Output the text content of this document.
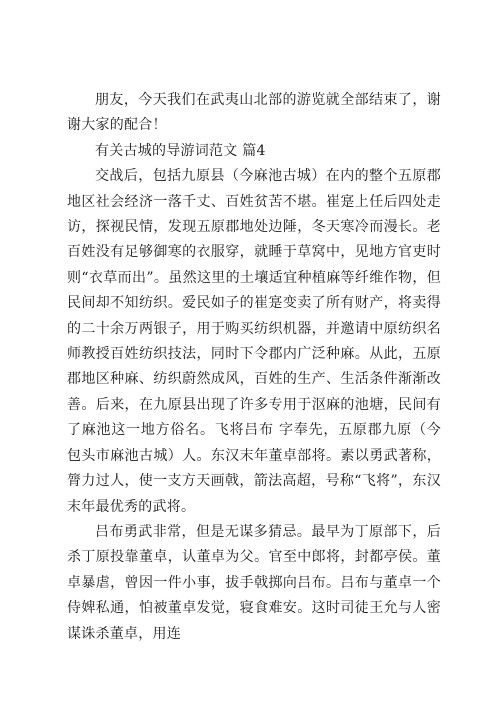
朋友，今天我们在武夷山北部的游览就全部结束了，谢谢大家的配合！

有关古城的导游词范文 篇4

交战后，包括九原县（今麻池古城）在内的整个五原郡地区社会经济一落千丈、百姓贫苦不堪。崔寔上任后四处走访，探视民情，发现五原郡地处边陲，冬天寒冷而漫长。老百姓没有足够御寒的衣服穿，就睡于草窝中，见地方官吏时则“衣草而出”。虽然这里的土壤适宜种植麻等纤维作物，但民间却不知纺织。爱民如子的崔寔变卖了所有财产，将卖得的二十余万两银子，用于购买纺织机器，并邀请中原纺织名师教授百姓纺织技法，同时下令郡内广泛种麻。从此，五原郡地区种麻、纺织蔚然成风，百姓的生产、生活条件渐渐改善。后来，在九原县出现了许多专用于沤麻的池塘，民间有了麻池这一地方俗名。飞将吕布 字奉先，五原郡九原（今包头市麻池古城）人。东汉末年董卓部将。素以勇武著称，膂力过人，使一支方天画戟，箭法高超，号称“飞将”，东汉末年最优秀的武将。

吕布勇武非常，但是无谋多猜忌。最早为丁原部下，后杀丁原投靠董卓，认董卓为父。官至中郎将，封都亭侯。董卓暴虐，曾因一件小事，拔手戟掷向吕布。吕布与董卓一个侍婢私通，怕被董卓发觉，寝食难安。这时司徒王允与人密谋诛杀董卓，用连
